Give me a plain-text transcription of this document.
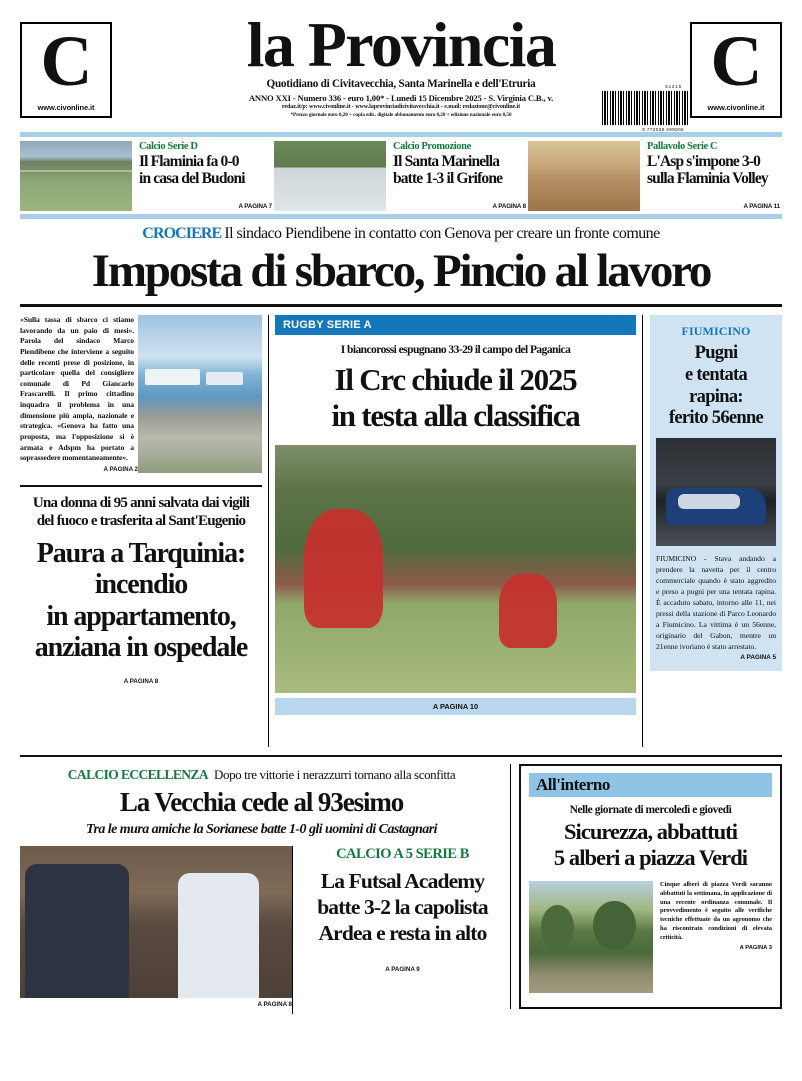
C
www.civonline.it
la Provincia
Quotidiano di Civitavecchia, Santa Marinella e dell'Etruria
ANNO XXI - Numero 336 - euro 1,00* - Lunedì 15 Dicembre 2025 - S. Virginia C.B., v.
redaz.it/p: www.civonline.it - www.laprovinciadicivitavecchia.it - e.mail: redazione@civonline.it
*Prezzo giornale euro 0,20 + copia edic. digitale abbonamento euro 0,20 + edizione nazionale euro 0,50
51215
9 772038 499002
C
www.civonline.it
Calcio Serie D
Il Flaminia fa 0-0
in casa del Budoni
A PAGINA 7
Calcio Promozione
Il Santa Marinella
batte 1-3 il Grifone
A PAGINA 8
Pallavolo Serie C
L'Asp s'impone 3-0
sulla Flaminia Volley
A PAGINA 11
CROCIERE Il sindaco Piendibene in contatto con Genova per creare un fronte comune
Imposta di sbarco, Pincio al lavoro
«Sulla tassa di sbarco ci stiamo lavorando da un paio di mesi». Parola del sindaco Marco Piendibene che interviene a seguito delle recenti prese di posizione, in particolare quella del consigliere comunale di Pd Giancarlo Frascarelli. Il primo cittadino inquadra il problema in una dimensione più ampia, nazionale e strategica. «Genova ha fatto una proposta, ma l'opposizione si è armata e Adspm ha portato a soprassedere momentaneamente».
A PAGINA 2
Una donna di 95 anni salvata dai vigili
del fuoco e trasferita al Sant'Eugenio
Paura a Tarquinia:
incendio
in appartamento,
anziana in ospedale
A PAGINA 8
RUGBY SERIE A
I biancorossi espugnano 33-29 il campo del Paganica
Il Crc chiude il 2025
in testa alla classifica
A PAGINA 10
FIUMICINO
Pugni
e tentata
rapina:
ferito 56enne
FIUMICINO - Stava andando a prendere la navetta per il centro commerciale quando è stato aggredito e preso a pugni per una tentata rapina. È accaduto sabato, intorno alle 11, nei pressi della stazione di Parco Leonardo a Fiumicino. La vittima è un 56enne, originario del Gabon, mentre un 21enne ivoriano è stato arrestato.
A PAGINA 5
CALCIO ECCELLENZA Dopo tre vittorie i nerazzurri tornano alla sconfitta
La Vecchia cede al 93esimo
Tra le mura amiche la Sorianese batte 1-0 gli uomini di Castagnari
A PAGINA 8
CALCIO A 5 SERIE B
La Futsal Academy
batte 3-2 la capolista
Ardea e resta in alto
A PAGINA 9
All'interno
Nelle giornate di mercoledì e giovedì
Sicurezza, abbattuti
5 alberi a piazza Verdi
Cinque alberi di piazza Verdi saranno abbattuti la settimana, in applicazione di una recente ordinanza comunale. Il provvedimento è seguito alle verifiche tecniche effettuate da un agronomo che ha riscontrato condizioni di elevata criticità.
A PAGINA 3
